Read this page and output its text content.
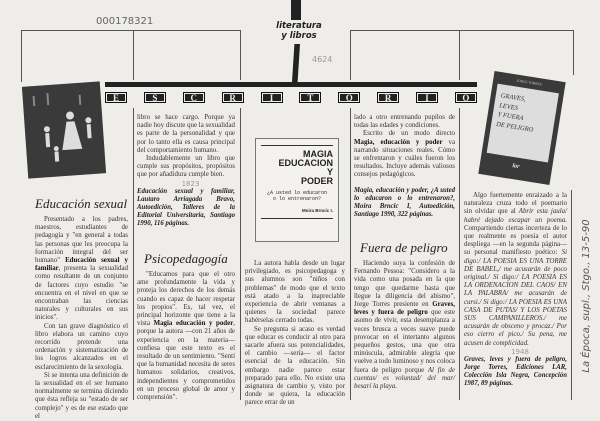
000178321
4624
La Época, supl., Stgo., 13-5-90
literatura
y libros
E	S	C	R	I	T	O	R	I	O
Educación sexual

Presentado a los padres, maestros, estudiantes de pedagogía y "en general a todas las personas que les preocupa la formación integral del ser humano" Educación sexual y familiar, presenta la sexualidad como resultante de un conjunto de factores cuyo estudio "se encuentra en el nivel en que se encontraban las ciencias naturales y culturales en sus inicios".

Con tan grave diagnóstico el libro elabora un camino cuyo recorrido pretende una ordenación y sistematización de los logros alcanzados en el esclarecimiento de la sexología.

Si se intenta una definición de la sexualidad en el ser humano normalmente se termina diciendo que ésta refleja su "estado de ser complejo" y es de ese estado que el

libro se hace cargo. Porque ya nadie hoy discute que la sexualidad es parte de la personalidad y que por lo tanto ella es causa principal del comportamiento humano.

Indudablemente un libro que cumple sus propósitos, propósitos que por añadidura cumple bien.

1823

Educación sexual y familiar, Lautaro Arriagada Bravo, Autoedición, Talleres de la Editorial Universitaria, Santiago 1990, 116 páginas.

Psicopedagogía

"Educamos para que el otro ame profundamente la vida y proteja los derechos de los demás cuando es capaz de hacer respetar los propios". Es, tal vez, el principal horizonte que tiene a la vista Magia educación y poder, porque la autora —con 21 años de experiencia en la materia— confiesa que este texto es el resultado de un sentimiento. "Sentí que la humanidad necesita de seres humanos solidarios, creativos, independientes y comprometidos en un proceso global de amor y comprensión".

MAGIA
EDUCACION
Y
PODER
¿A usted lo educaron o lo entrenaron?
Moira Brncic I.

La autora habla desde un lugar privilegiado, es psicopedagoga y sus alumnos son "niños con problemas" de modo que el texto está atado a la inapreciable experiencia de abrir ventanas a quienes la sociedad parece habérselas cerrado todas.

Se pregunta si acaso es verdad que educar es conducir al otro para sacarle afuera sus potencialidades, el cambio —sería— el factor esencial de la educación. Sin embargo nadie parece estar preparado para ello. No existe una asignatura de cambio y, visto por donde se quiera, la educación parece errar de un

lado a otro entrenando pupilos de todas las edades y condiciones.

Escrito de un modo directo Magia, educación y poder va narrando situaciones reales. Cómo se enfrentaron y cuáles fueron los resultados. Incluye además valiosos consejos pedagógicos.

Magia, educación y poder, ¿A usted lo educaron o lo entrenaron?, Moira Brncic I, Autoedición, Santiago 1990, 322 páginas.

Fuera de peligro

Haciendo suya la confesión de Fernando Pessoa: "Considero a la vida como una posada en la que tengo que quedarme hasta que llegue la diligencia del abismo", Jorge Torres presiente en Graves, leves y fuera de peligro que este asomo de vivir, esta desemplanza a veces brusca a veces suave puede provocar en el intertanto algunos pequeños gestos, una que otra minúscula, admirable alegría que vuelve a todo luminoso y nos coloca fuera de peligro porque Al fin de cuentas/ es voluntad/ del mar/ besarí la playa.

JORGE TORRES
GRAVES,
LEVES
Y FUERA
DE PELIGRO
lar

Algo fuertemente enraizado a la naturaleza cruza todo el poemario sin olvidar que al Abrir esta jaula/ habré dejado escapar un poema. Compartiendo ciertas incerteza de lo que realmente es poesía el autor despliega —en la segunda página— su personal manifiesto poético: Si digo:/ LA POESIA ES UNA TORRE DE BABEL,/ me acusarán de poco original./ Si digo:/ LA POESIA ES LA ORDENACION DEL CAOS/ EN LA PALABRA/ me acusarán de cursi./ Si digo:/ LA POESIA ES UNA CASA DE PUTAS/ Y LOS POETAS SUS CAMPANILLEROS./ me acusarán de obsceno y procaz./ Por eso cierro el pico./ Su pena, me acusen de complicidad.

1948

Graves, leves y fuera de peligro, Jorge Torres, Ediciones LAR, Colección Isla Negra, Concepción 1987, 89 páginas.
